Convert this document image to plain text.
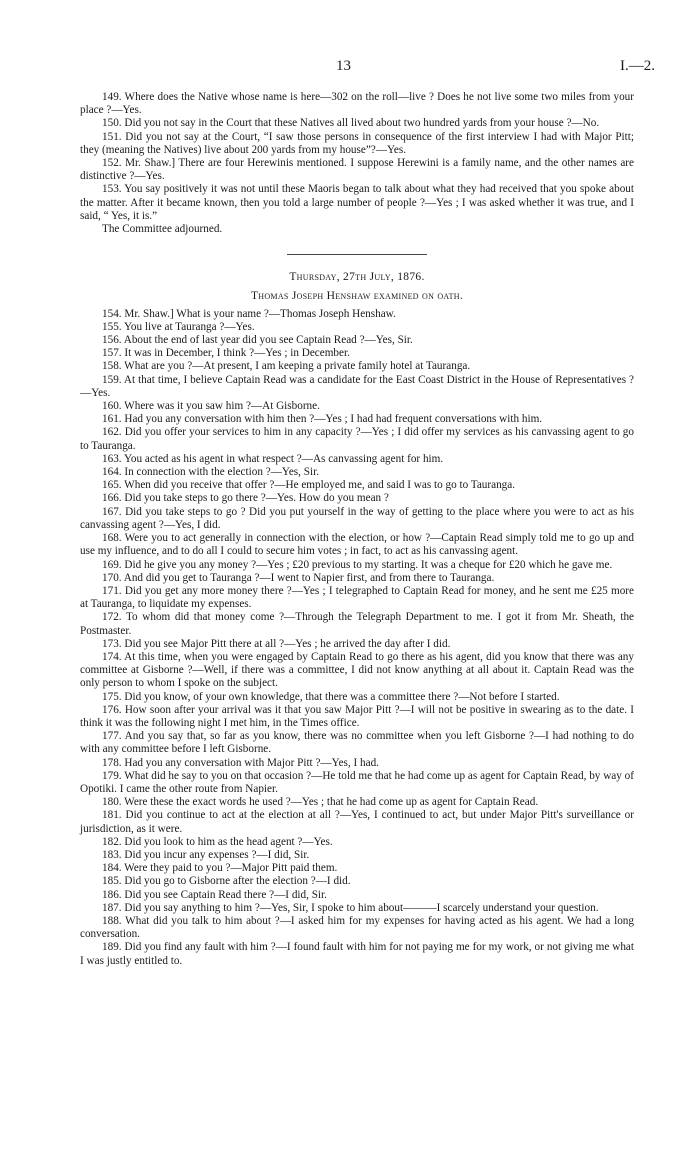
13	I.—2.

149. Where does the Native whose name is here—302 on the roll—live ? Does he not live some two miles from your place ?—Yes.

150. Did you not say in the Court that these Natives all lived about two hundred yards from your house ?—No.

151. Did you not say at the Court, “I saw those persons in consequence of the first interview I had with Major Pitt; they (meaning the Natives) live about 200 yards from my house”?—Yes.

152. Mr. Shaw.] There are four Herewinis mentioned. I suppose Herewini is a family name, and the other names are distinctive ?—Yes.

153. You say positively it was not until these Maoris began to talk about what they had received that you spoke about the matter. After it became known, then you told a large number of people ?—Yes ; I was asked whether it was true, and I said, “ Yes, it is.”

The Committee adjourned.

Thursday, 27th July, 1876.

Thomas Joseph Henshaw examined on oath.

154. Mr. Shaw.] What is your name ?—Thomas Joseph Henshaw.

155. You live at Tauranga ?—Yes.

156. About the end of last year did you see Captain Read ?—Yes, Sir.

157. It was in December, I think ?—Yes ; in December.

158. What are you ?—At present, I am keeping a private family hotel at Tauranga.

159. At that time, I believe Captain Read was a candidate for the East Coast District in the House of Representatives ?—Yes.

160. Where was it you saw him ?—At Gisborne.

161. Had you any conversation with him then ?—Yes ; I had had frequent conversations with him.

162. Did you offer your services to him in any capacity ?—Yes ; I did offer my services as his canvassing agent to go to Tauranga.

163. You acted as his agent in what respect ?—As canvassing agent for him.

164. In connection with the election ?—Yes, Sir.

165. When did you receive that offer ?—He employed me, and said I was to go to Tauranga.

166. Did you take steps to go there ?—Yes. How do you mean ?

167. Did you take steps to go ? Did you put yourself in the way of getting to the place where you were to act as his canvassing agent ?—Yes, I did.

168. Were you to act generally in connection with the election, or how ?—Captain Read simply told me to go up and use my influence, and to do all I could to secure him votes ; in fact, to act as his canvassing agent.

169. Did he give you any money ?—Yes ; £20 previous to my starting. It was a cheque for £20 which he gave me.

170. And did you get to Tauranga ?—I went to Napier first, and from there to Tauranga.

171. Did you get any more money there ?—Yes ; I telegraphed to Captain Read for money, and he sent me £25 more at Tauranga, to liquidate my expenses.

172. To whom did that money come ?—Through the Telegraph Department to me. I got it from Mr. Sheath, the Postmaster.

173. Did you see Major Pitt there at all ?—Yes ; he arrived the day after I did.

174. At this time, when you were engaged by Captain Read to go there as his agent, did you know that there was any committee at Gisborne ?—Well, if there was a committee, I did not know anything at all about it. Captain Read was the only person to whom I spoke on the subject.

175. Did you know, of your own knowledge, that there was a committee there ?—Not before I started.

176. How soon after your arrival was it that you saw Major Pitt ?—I will not be positive in swearing as to the date. I think it was the following night I met him, in the Times office.

177. And you say that, so far as you know, there was no committee when you left Gisborne ?—I had nothing to do with any committee before I left Gisborne.

178. Had you any conversation with Major Pitt ?—Yes, I had.

179. What did he say to you on that occasion ?—He told me that he had come up as agent for Captain Read, by way of Opotiki. I came the other route from Napier.

180. Were these the exact words he used ?—Yes ; that he had come up as agent for Captain Read.

181. Did you continue to act at the election at all ?—Yes, I continued to act, but under Major Pitt's surveillance or jurisdiction, as it were.

182. Did you look to him as the head agent ?—Yes.

183. Did you incur any expenses ?—I did, Sir.

184. Were they paid to you ?—Major Pitt paid them.

185. Did you go to Gisborne after the election ?—I did.

186. Did you see Captain Read there ?—I did, Sir.

187. Did you say anything to him ?—Yes, Sir, I spoke to him about———I scarcely understand your question.

188. What did you talk to him about ?—I asked him for my expenses for having acted as his agent. We had a long conversation.

189. Did you find any fault with him ?—I found fault with him for not paying me for my work, or not giving me what I was justly entitled to.
